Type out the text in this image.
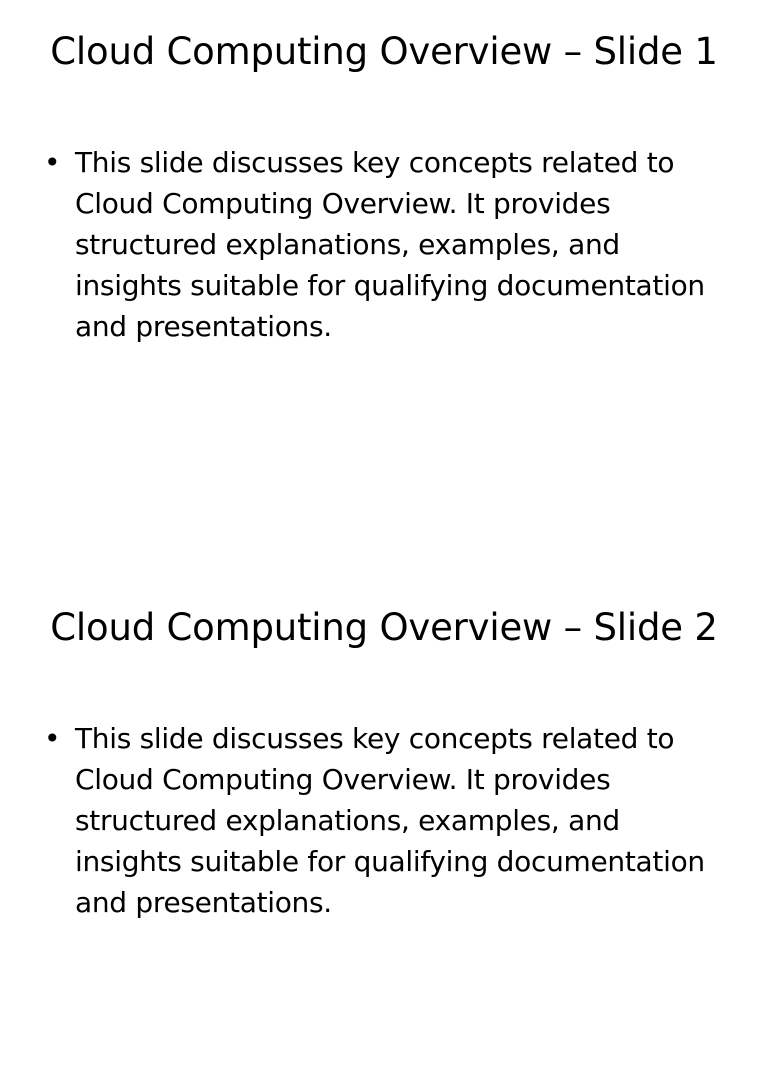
Cloud Computing Overview – Slide 1
• This slide discusses key concepts related to Cloud Computing Overview. It provides structured explanations, examples, and insights suitable for qualifying documentation and presentations.
Cloud Computing Overview – Slide 2
• This slide discusses key concepts related to Cloud Computing Overview. It provides structured explanations, examples, and insights suitable for qualifying documentation and presentations.
